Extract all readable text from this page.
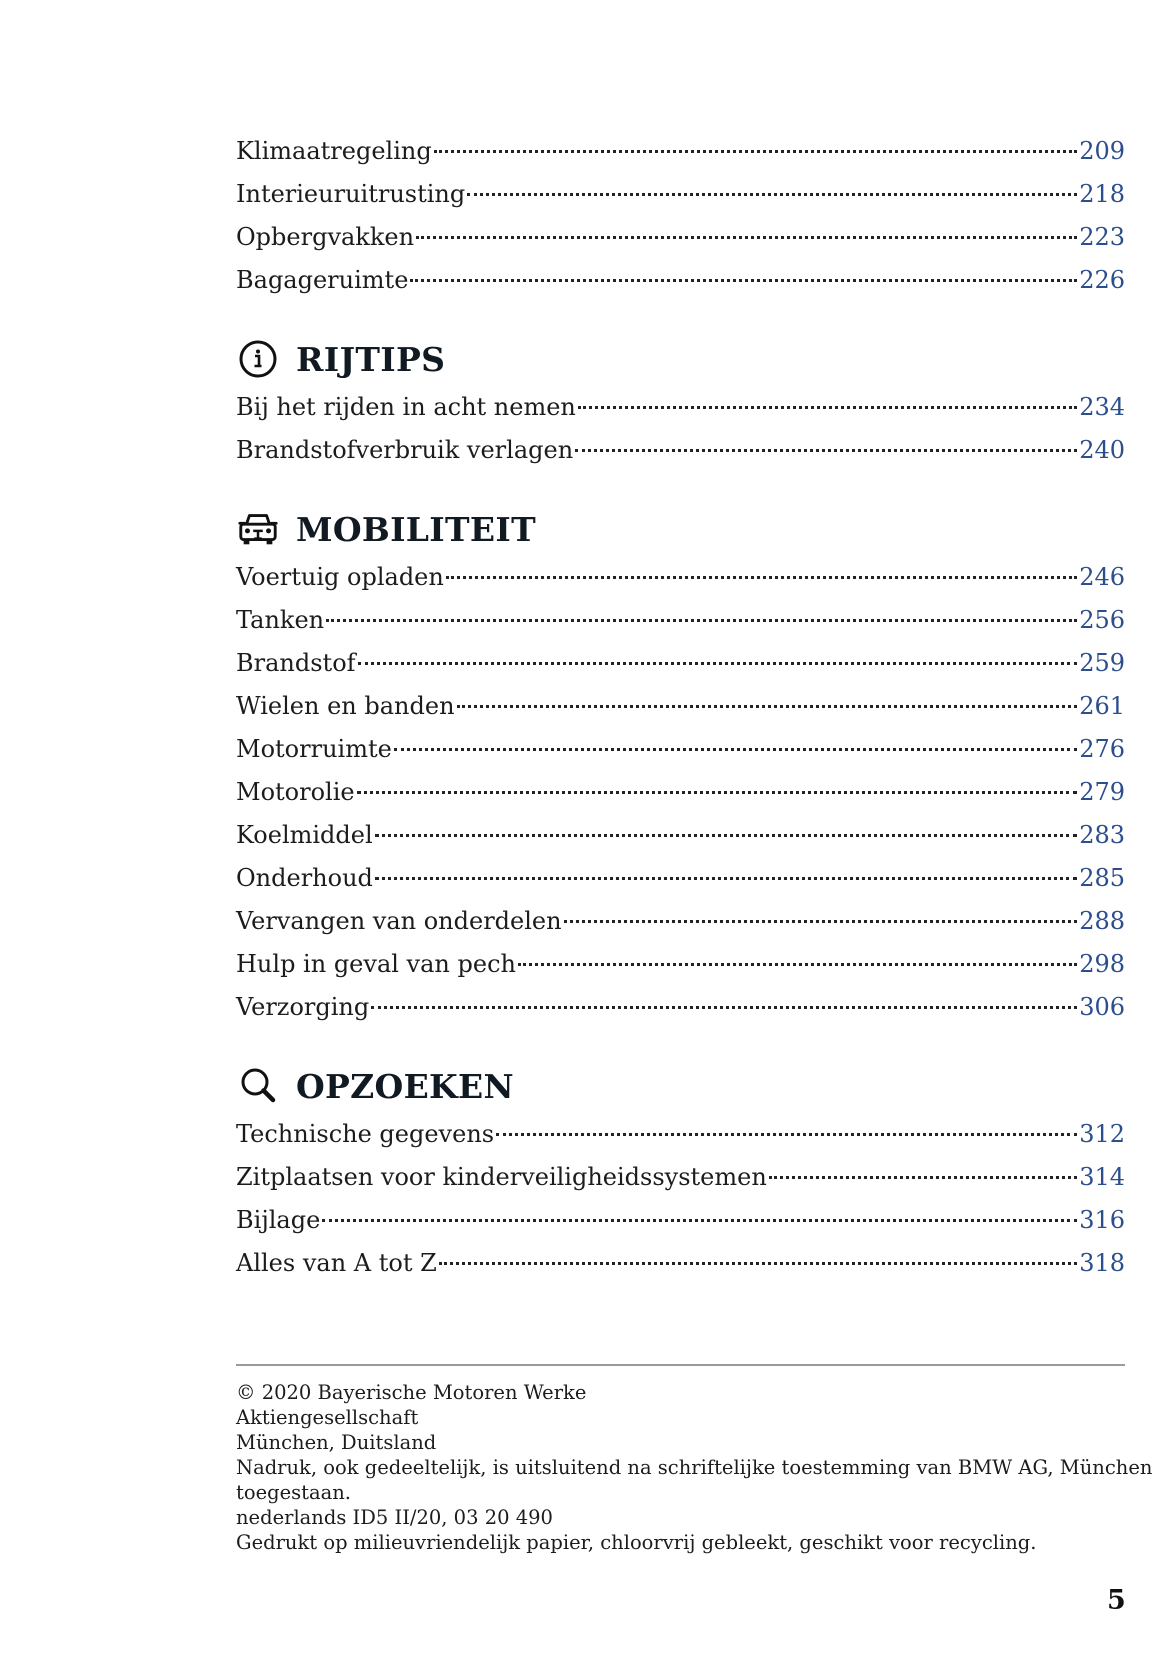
Klimaatregeling	209
Interieuruitrusting	218
Opbergvakken	223
Bagageruimte	226
RIJTIPS
Bij het rijden in acht nemen	234
Brandstofverbruik verlagen	240
MOBILITEIT
Voertuig opladen	246
Tanken	256
Brandstof	259
Wielen en banden	261
Motorruimte	276
Motorolie	279
Koelmiddel	283
Onderhoud	285
Vervangen van onderdelen	288
Hulp in geval van pech	298
Verzorging	306
OPZOEKEN
Technische gegevens	312
Zitplaatsen voor kinderveiligheidssystemen	314
Bijlage	316
Alles van A tot Z	318
© 2020 Bayerische Motoren Werke
Aktiengesellschaft
München, Duitsland
Nadruk, ook gedeeltelijk, is uitsluitend na schriftelijke toestemming van BMW AG, München
toegestaan.
nederlands ID5 II/20, 03 20 490
Gedrukt op milieuvriendelijk papier, chloorvrij gebleekt, geschikt voor recycling.
5
